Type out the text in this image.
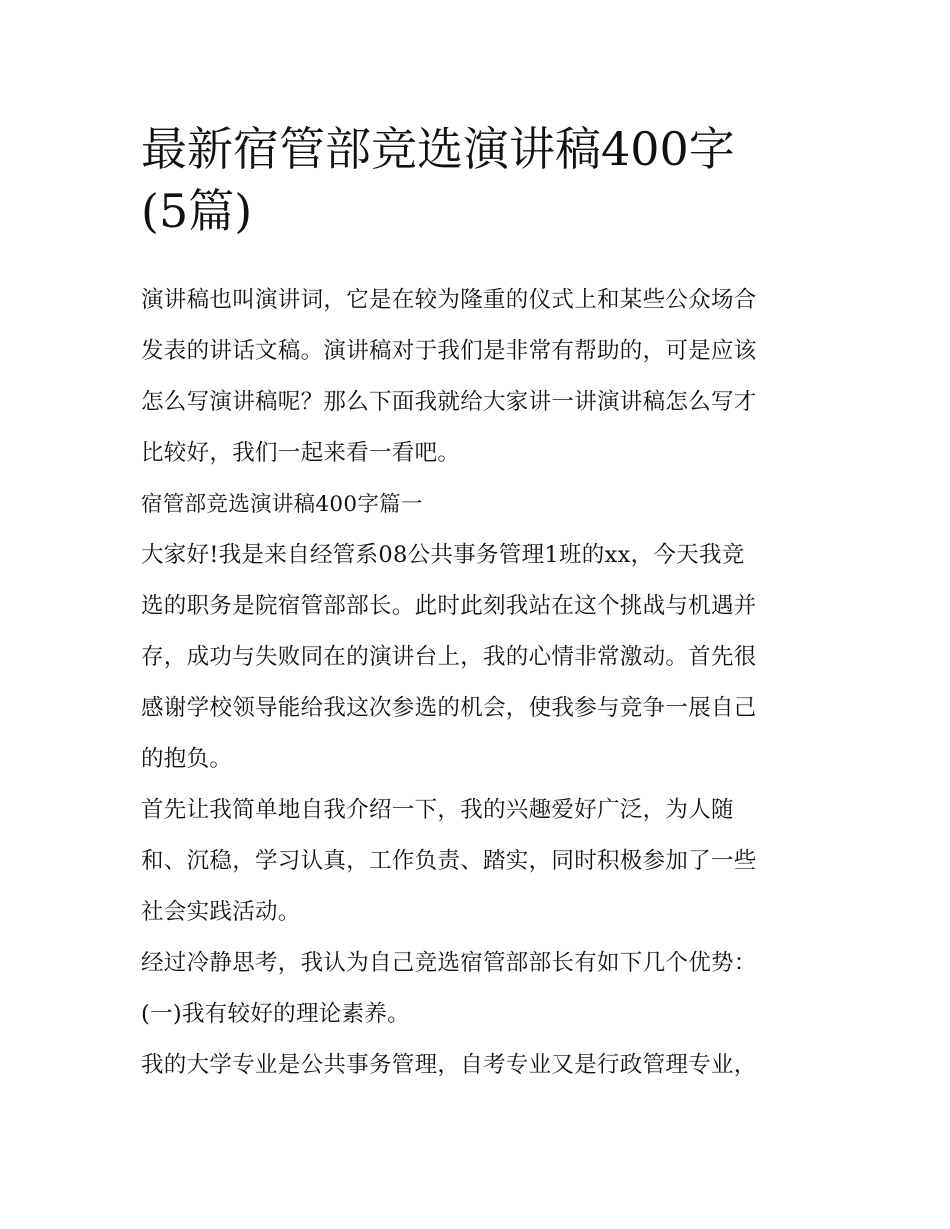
最新宿管部竞选演讲稿400字
(5篇)
演讲稿也叫演讲词，它是在较为隆重的仪式上和某些公众场合
发表的讲话文稿。演讲稿对于我们是非常有帮助的，可是应该
怎么写演讲稿呢？那么下面我就给大家讲一讲演讲稿怎么写才
比较好，我们一起来看一看吧。
宿管部竞选演讲稿400字篇一
大家好!我是来自经管系08公共事务管理1班的xx，今天我竞
选的职务是院宿管部部长。此时此刻我站在这个挑战与机遇并
存，成功与失败同在的演讲台上，我的心情非常激动。首先很
感谢学校领导能给我这次参选的机会，使我参与竞争一展自己
的抱负。
首先让我简单地自我介绍一下，我的兴趣爱好广泛，为人随
和、沉稳，学习认真，工作负责、踏实，同时积极参加了一些
社会实践活动。
经过冷静思考，我认为自己竞选宿管部部长有如下几个优势：
(一)我有较好的理论素养。
我的大学专业是公共事务管理，自考专业又是行政管理专业，
